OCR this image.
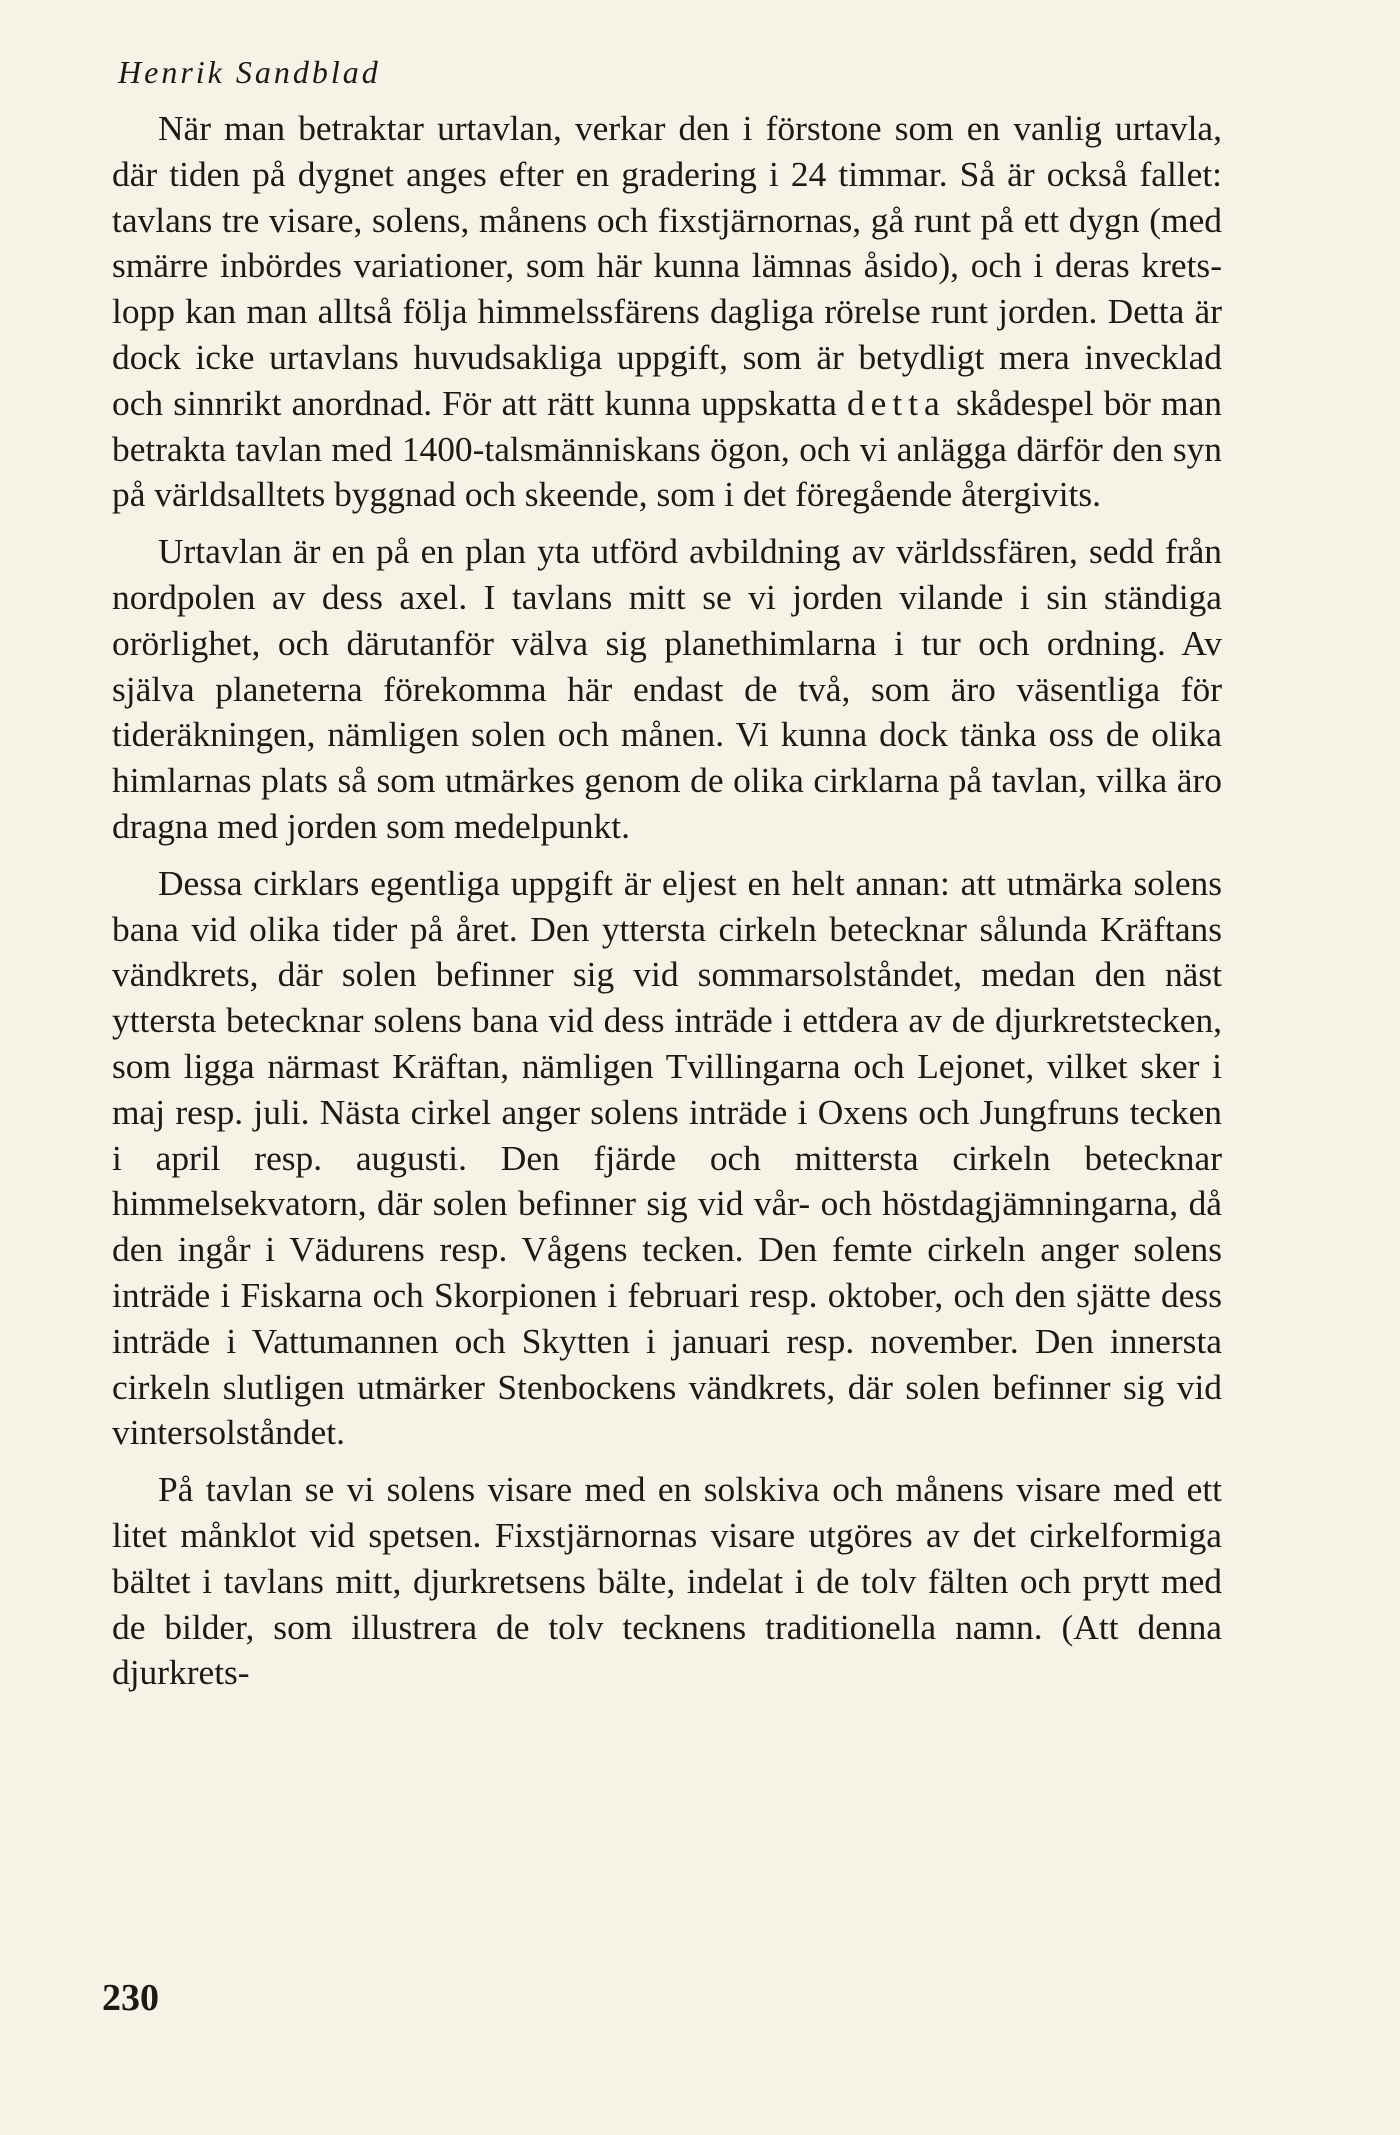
Henrik Sandblad

När man betraktar urtavlan, verkar den i förstone som en vanlig urtavla, där tiden på dygnet anges efter en gradering i 24 timmar. Så är också fallet: tavlans tre visare, solens, månens och fixstjärnornas, gå runt på ett dygn (med smärre inbördes variationer, som här kunna lämnas åsido), och i deras kretslopp kan man alltså följa himmelssfärens dagliga rörelse runt jorden. Detta är dock icke urtavlans huvudsakliga uppgift, som är betydligt mera invecklad och sinnrikt anordnad. För att rätt kunna uppskatta detta skådespel bör man betrakta tavlan med 1400-talsmänniskans ögon, och vi anlägga därför den syn på världsalltets byggnad och skeende, som i det föregående återgivits.

Urtavlan är en på en plan yta utförd avbildning av världssfären, sedd från nordpolen av dess axel. I tavlans mitt se vi jorden vilande i sin ständiga orörlighet, och därutanför välva sig planethimlarna i tur och ordning. Av själva planeterna förekomma här endast de två, som äro väsentliga för tideräkningen, nämligen solen och månen. Vi kunna dock tänka oss de olika himlarnas plats så som utmärkes genom de olika cirklarna på tavlan, vilka äro dragna med jorden som medelpunkt.

Dessa cirklars egentliga uppgift är eljest en helt annan: att utmärka solens bana vid olika tider på året. Den yttersta cirkeln betecknar sålunda Kräftans vändkrets, där solen befinner sig vid sommarsolståndet, medan den näst yttersta betecknar solens bana vid dess inträde i ettdera av de djurkretstecken, som ligga närmast Kräftan, nämligen Tvillingarna och Lejonet, vilket sker i maj resp. juli. Nästa cirkel anger solens inträde i Oxens och Jungfruns tecken i april resp. augusti. Den fjärde och mittersta cirkeln betecknar himmelsekvatorn, där solen befinner sig vid vår- och höstdagjämningarna, då den ingår i Vädurens resp. Vågens tecken. Den femte cirkeln anger solens inträde i Fiskarna och Skorpionen i februari resp. oktober, och den sjätte dess inträde i Vattumannen och Skytten i januari resp. november. Den innersta cirkeln slutligen utmärker Stenbockens vändkrets, där solen befinner sig vid vintersolståndet.

På tavlan se vi solens visare med en solskiva och månens visare med ett litet månklot vid spetsen. Fixstjärnornas visare utgöres av det cirkelformiga bältet i tavlans mitt, djurkretsens bälte, indelat i de tolv fälten och prytt med de bilder, som illustrera de tolv tecknens traditionella namn. (Att denna djurkrets-

230
